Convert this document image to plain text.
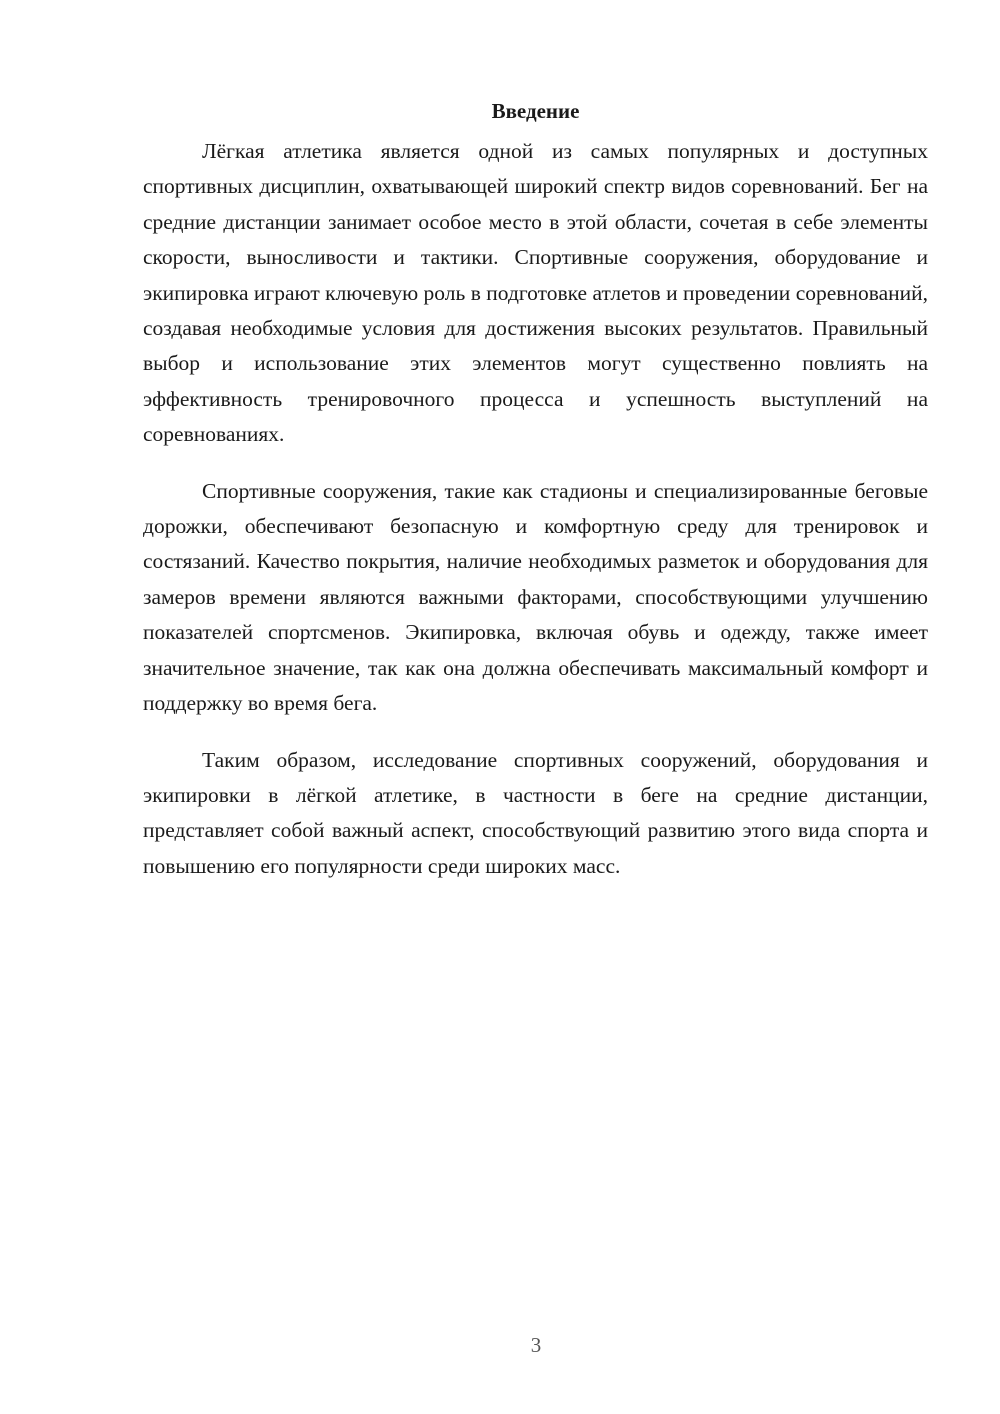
Введение

Лёгкая атлетика является одной из самых популярных и доступных спортивных дисциплин, охватывающей широкий спектр видов соревнований. Бег на средние дистанции занимает особое место в этой области, сочетая в себе элементы скорости, выносливости и тактики. Спортивные сооружения, оборудование и экипировка играют ключевую роль в подготовке атлетов и проведении соревнований, создавая необходимые условия для достижения высоких результатов. Правильный выбор и использование этих элементов могут существенно повлиять на эффективность тренировочного процесса и успешность выступлений на соревнованиях.

Спортивные сооружения, такие как стадионы и специализированные беговые дорожки, обеспечивают безопасную и комфортную среду для тренировок и состязаний. Качество покрытия, наличие необходимых разметок и оборудования для замеров времени являются важными факторами, способствующими улучшению показателей спортсменов. Экипировка, включая обувь и одежду, также имеет значительное значение, так как она должна обеспечивать максимальный комфорт и поддержку во время бега.

Таким образом, исследование спортивных сооружений, оборудования и экипировки в лёгкой атлетике, в частности в беге на средние дистанции, представляет собой важный аспект, способствующий развитию этого вида спорта и повышению его популярности среди широких масс.

3
